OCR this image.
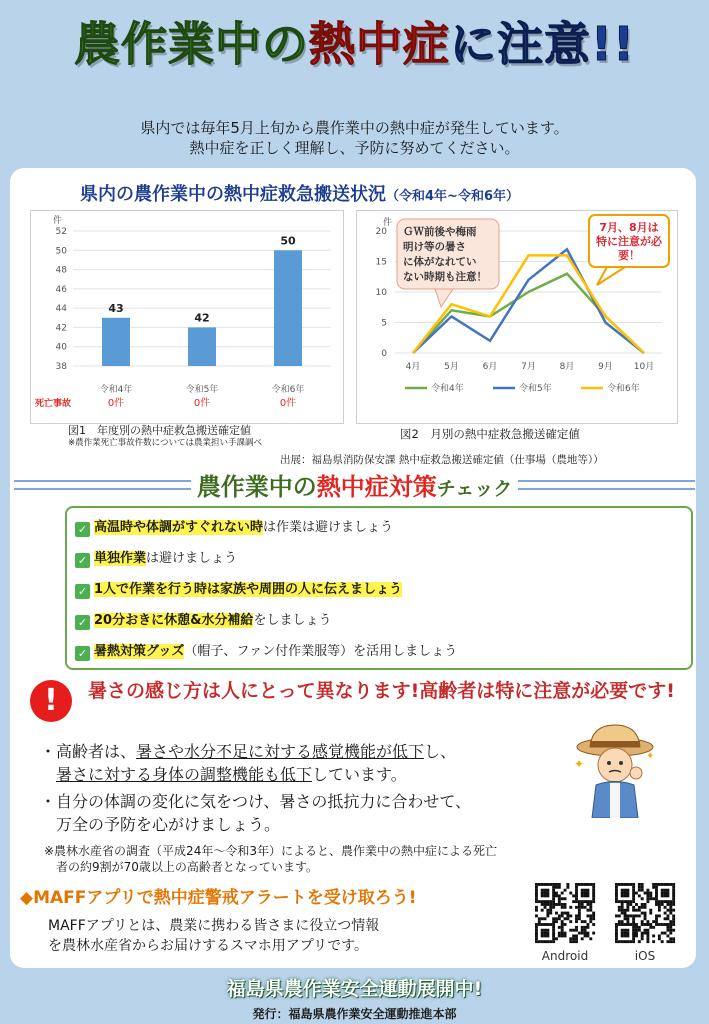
農作業中の熱中症に注意!!
県内では毎年5月上旬から農作業中の熱中症が発生しています。
熱中症を正しく理解し、予防に努めてください。
県内の農作業中の熱中症救急搬送状況（令和4年~令和6年）
件
38
40
42
44
46
48
50
52
43
令和4年
0件
42
令和5年
0件
50
令和6年
0件
死亡事故
図1　年度別の熱中症救急搬送確定値
※農作業死亡事故件数については農業担い手課調べ
件
0
5
10
15
20
4月	5月	6月	7月	8月	9月 10月
令和4年	令和5年	令和6年
ＧＷ前後や梅雨明け等の暑さに体がなれていない時期も注意！
7月、8月は特に注意が必要！
図2　月別の熱中症救急搬送確定値
出展：福島県消防保安課 熱中症救急搬送確定値（仕事場（農地等））
✓ 高温時や体調がすぐれない時は作業は避けましょう
✓ 単独作業は避けましょう
✓ 1人で作業を行う時は家族や周囲の人に伝えましょう
✓ 20分おきに休憩&水分補給をしましょう
✓ 暑熱対策グッズ（帽子、ファン付作業服等）を活用しましょう
!	暑さの感じ方は人にとって異なります!高齢者は特に注意が必要です!
・高齢者は、暑さや水分不足に対する感覚機能が低下し、
暑さに対する身体の調整機能も低下しています。
・自分の体調の変化に気をつけ、暑さの抵抗力に合わせて、
万全の予防を心がけましょう。
※農林水産省の調査（平成24年～令和3年）によると、農作業中の熱中症による死亡
者の約9割が70歳以上の高齢者となっています。
✦
✦
◆MAFFアプリで熱中症警戒アラートを受け取ろう!
MAFFアプリとは、農業に携わる皆さまに役立つ情報
を農林水産省からお届けするスマホ用アプリです。
Android	iOS
農作業中の熱中症対策チェック
福島県農作業安全運動展開中!
発行：福島県農作業安全運動推進本部
